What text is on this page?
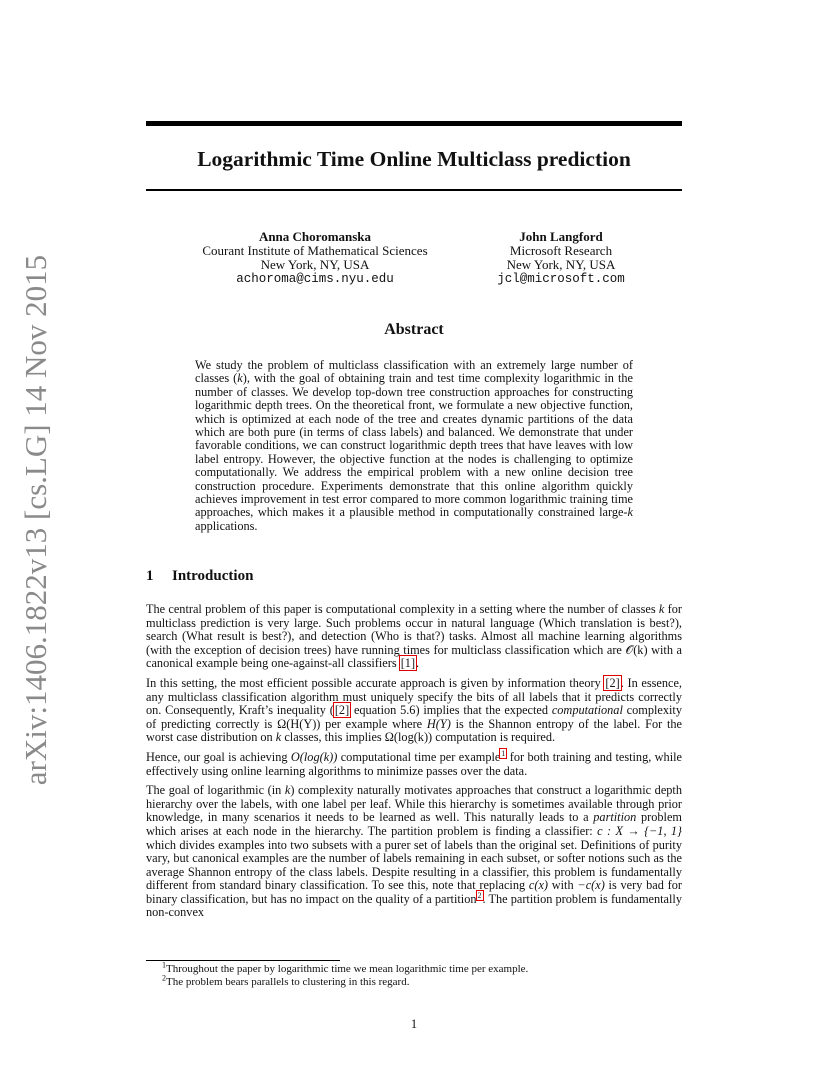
arXiv:1406.1822v13 [cs.LG] 14 Nov 2015
Logarithmic Time Online Multiclass prediction
Anna Choromanska
Courant Institute of Mathematical Sciences
New York, NY, USA
achoroma@cims.nyu.edu
John Langford
Microsoft Research
New York, NY, USA
jcl@microsoft.com
Abstract
We study the problem of multiclass classification with an extremely large number of classes (k), with the goal of obtaining train and test time complexity logarithmic in the number of classes. We develop top-down tree construction approaches for constructing logarithmic depth trees. On the theoretical front, we formulate a new objective function, which is optimized at each node of the tree and creates dynamic partitions of the data which are both pure (in terms of class labels) and balanced. We demonstrate that under favorable conditions, we can construct logarithmic depth trees that have leaves with low label entropy. However, the objective function at the nodes is challenging to optimize computationally. We address the empirical problem with a new online decision tree construction procedure. Experiments demonstrate that this online algorithm quickly achieves improvement in test error compared to more common logarithmic training time approaches, which makes it a plausible method in computationally constrained large-k applications.
1 Introduction

The central problem of this paper is computational complexity in a setting where the number of classes k for multiclass prediction is very large. Such problems occur in natural language (Which translation is best?), search (What result is best?), and detection (Who is that?) tasks. Almost all machine learning algorithms (with the exception of decision trees) have running times for multiclass classification which are 𝒪(k) with a canonical example being one-against-all classifiers [1].

In this setting, the most efficient possible accurate approach is given by information theory [2]. In essence, any multiclass classification algorithm must uniquely specify the bits of all labels that it predicts correctly on. Consequently, Kraft’s inequality ([2] equation 5.6) implies that the expected computational complexity of predicting correctly is Ω(H(Y)) per example where H(Y) is the Shannon entropy of the label. For the worst case distribution on k classes, this implies Ω(log(k)) computation is required.

Hence, our goal is achieving O(log(k)) computational time per example$^1$ for both training and testing, while effectively using online learning algorithms to minimize passes over the data.

The goal of logarithmic (in k) complexity naturally motivates approaches that construct a logarithmic depth hierarchy over the labels, with one label per leaf. While this hierarchy is sometimes available through prior knowledge, in many scenarios it needs to be learned as well. This naturally leads to a partition problem which arises at each node in the hierarchy. The partition problem is finding a classifier: c : X → {−1, 1} which divides examples into two subsets with a purer set of labels than the original set. Definitions of purity vary, but canonical examples are the number of labels remaining in each subset, or softer notions such as the average Shannon entropy of the class labels. Despite resulting in a classifier, this problem is fundamentally different from standard binary classification. To see this, note that replacing c(x) with −c(x) is very bad for binary classification, but has no impact on the quality of a partition$^2$. The partition problem is fundamentally non-convex

$^1$Throughout the paper by logarithmic time we mean logarithmic time per example.
$^2$The problem bears parallels to clustering in this regard.
1
